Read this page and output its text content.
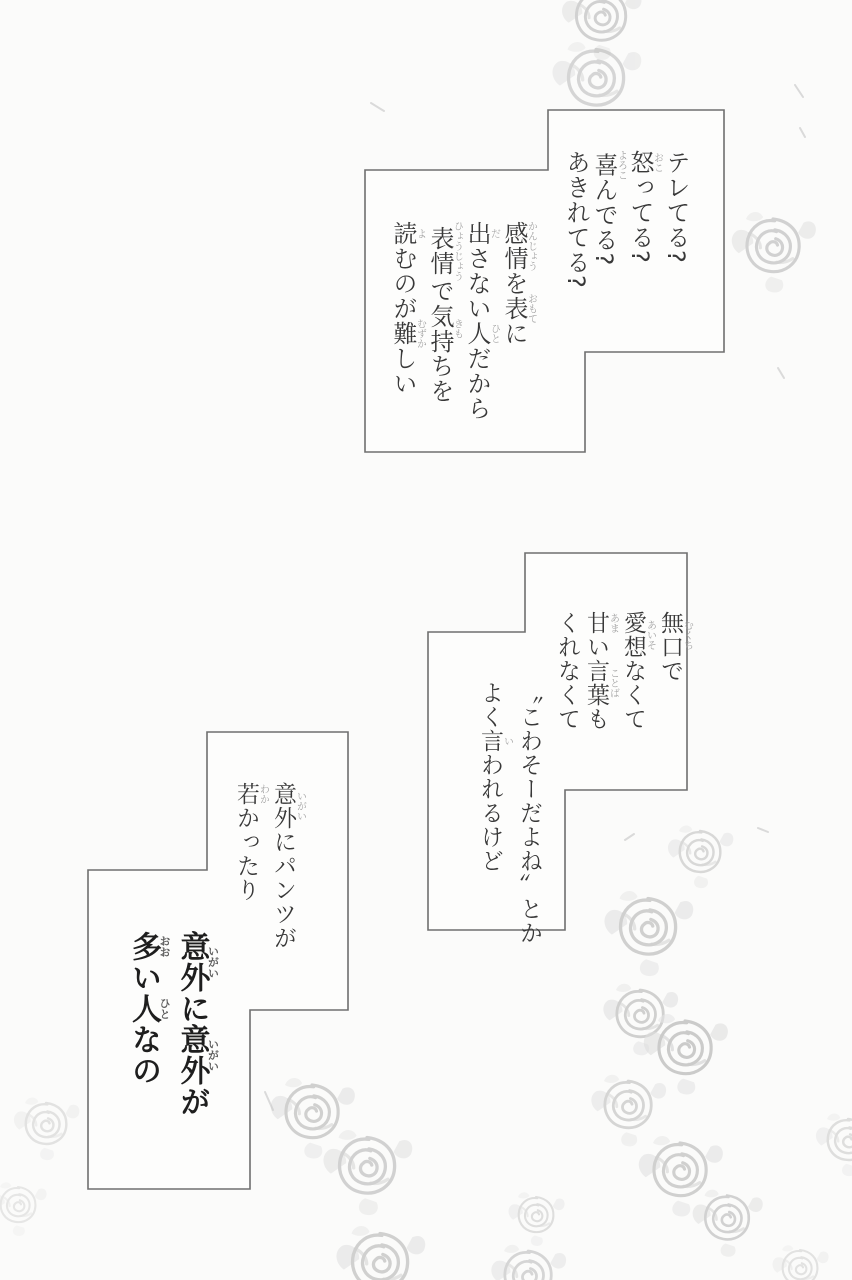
テレてる?
怒おこってる?
喜よろこんでる?
あきれてる?
感情かんじょうを表おもてに
出ださない人ひとだから
表情ひょうじょうで気持きもちを
読よむのが難むずかしい
無口むくちで
愛想あいそなくて
甘あまい言葉ことばも
くれなくて
〝こわそーだよね〟とか
よく言いわれるけど
意外いがいにパンツが
若わかかったり
意外いがいに意外いがいが
多おおい人ひとなの
